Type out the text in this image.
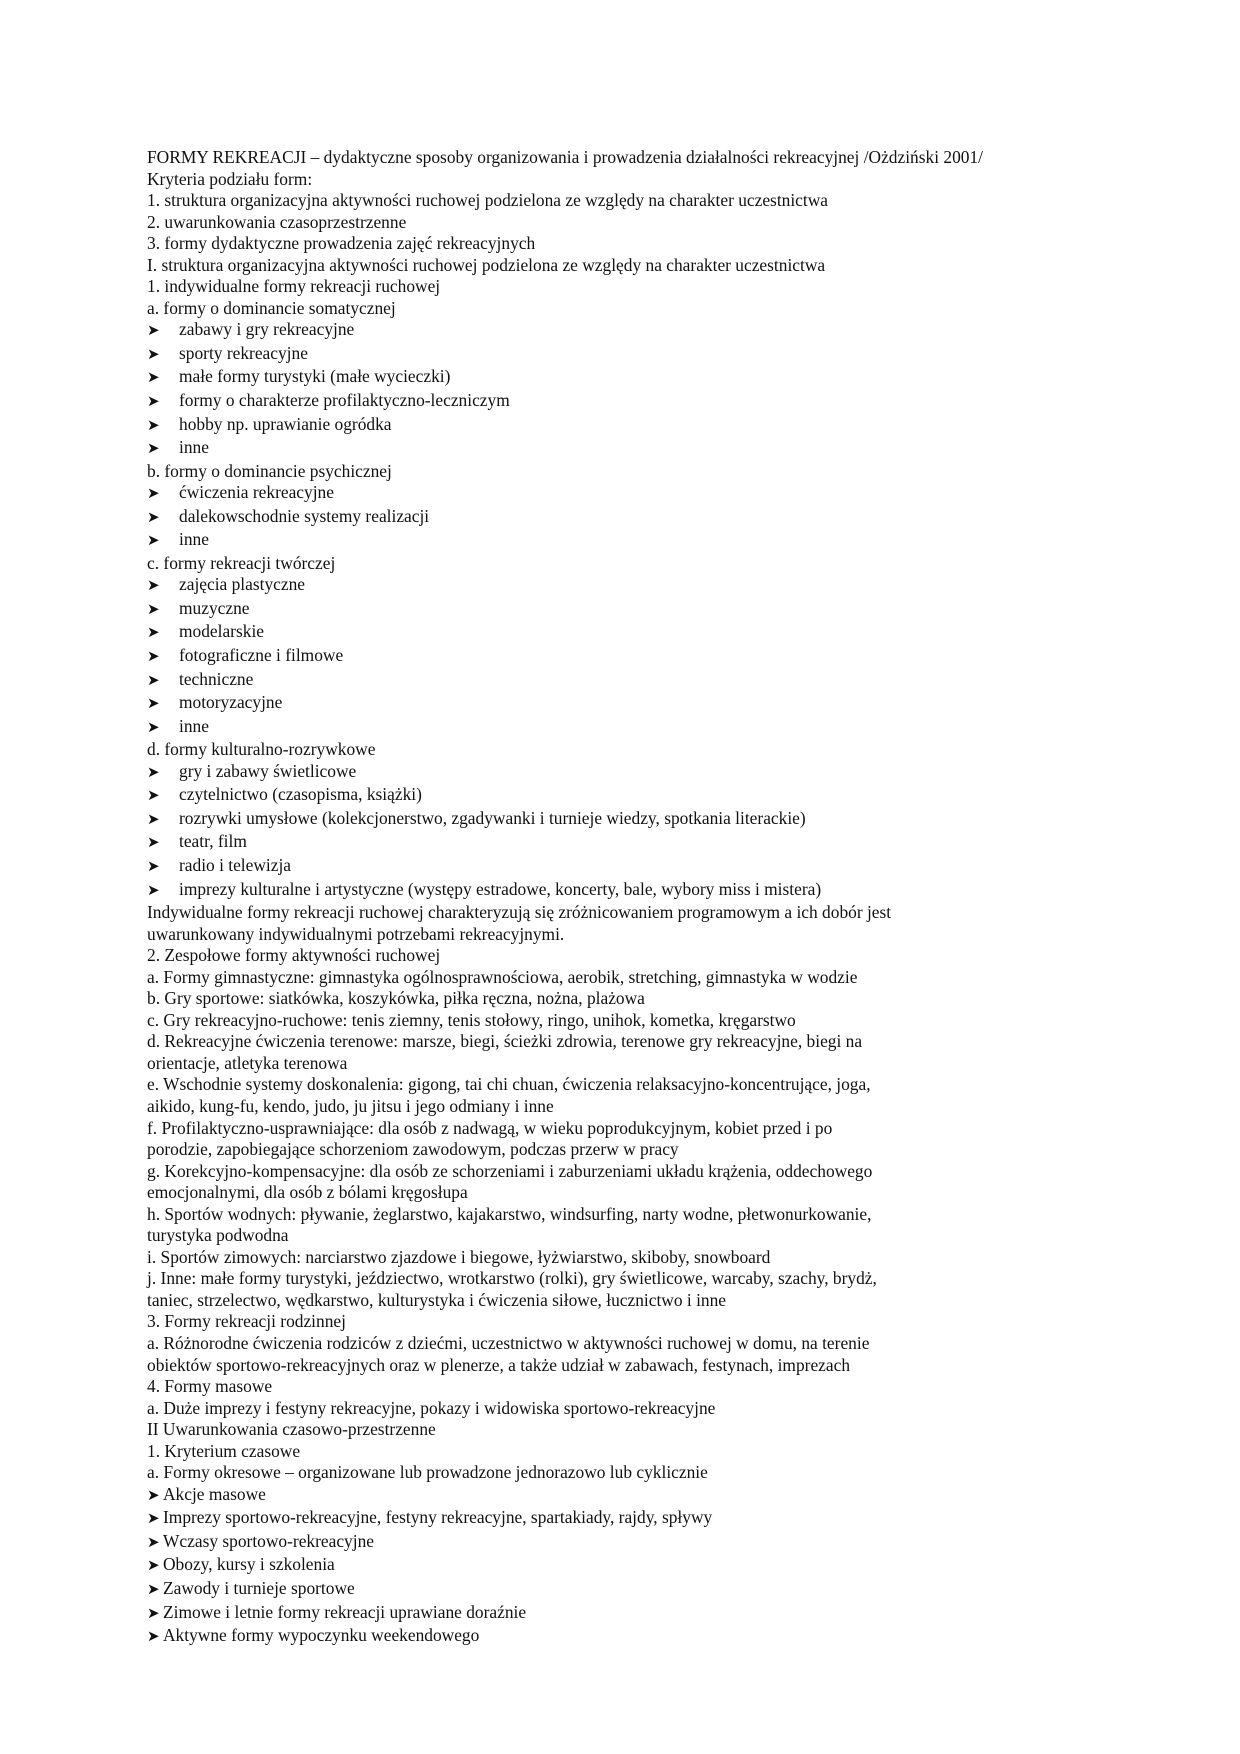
FORMY REKREACJI – dydaktyczne sposoby organizowania i prowadzenia działalności rekreacyjnej /Ożdziński 2001/
Kryteria podziału form:
1. struktura organizacyjna aktywności ruchowej podzielona ze względy na charakter uczestnictwa
2. uwarunkowania czasoprzestrzenne
3. formy dydaktyczne prowadzenia zajęć rekreacyjnych
I. struktura organizacyjna aktywności ruchowej podzielona ze względy na charakter uczestnictwa
1. indywidualne formy rekreacji ruchowej
a. formy o dominancie somatycznej
➤ zabawy i gry rekreacyjne
➤ sporty rekreacyjne
➤ małe formy turystyki (małe wycieczki)
➤ formy o charakterze profilaktyczno-leczniczym
➤ hobby np. uprawianie ogródka
➤ inne
b. formy o dominancie psychicznej
➤ ćwiczenia rekreacyjne
➤ dalekowschodnie systemy realizacji
➤ inne
c. formy rekreacji twórczej
➤ zajęcia plastyczne
➤ muzyczne
➤ modelarskie
➤ fotograficzne i filmowe
➤ techniczne
➤ motoryzacyjne
➤ inne
d. formy kulturalno-rozrywkowe
➤ gry i zabawy świetlicowe
➤ czytelnictwo (czasopisma, książki)
➤ rozrywki umysłowe (kolekcjonerstwo, zgadywanki i turnieje wiedzy, spotkania literackie)
➤ teatr, film
➤ radio i telewizja
➤ imprezy kulturalne i artystyczne (występy estradowe, koncerty, bale, wybory miss i mistera)
Indywidualne formy rekreacji ruchowej charakteryzują się zróżnicowaniem programowym a ich dobór jest
uwarunkowany indywidualnymi potrzebami rekreacyjnymi.
2. Zespołowe formy aktywności ruchowej
a. Formy gimnastyczne: gimnastyka ogólnosprawnościowa, aerobik, stretching, gimnastyka w wodzie
b. Gry sportowe: siatkówka, koszykówka, piłka ręczna, nożna, plażowa
c. Gry rekreacyjno-ruchowe: tenis ziemny, tenis stołowy, ringo, unihok, kometka, kręgarstwo
d. Rekreacyjne ćwiczenia terenowe: marsze, biegi, ścieżki zdrowia, terenowe gry rekreacyjne, biegi na
orientacje, atletyka terenowa
e. Wschodnie systemy doskonalenia: gigong, tai chi chuan, ćwiczenia relaksacyjno-koncentrujące, joga,
aikido, kung-fu, kendo, judo, ju jitsu i jego odmiany i inne
f. Profilaktyczno-usprawniające: dla osób z nadwagą, w wieku poprodukcyjnym, kobiet przed i po
porodzie, zapobiegające schorzeniom zawodowym, podczas przerw w pracy
g. Korekcyjno-kompensacyjne: dla osób ze schorzeniami i zaburzeniami układu krążenia, oddechowego
emocjonalnymi, dla osób z bólami kręgosłupa
h. Sportów wodnych: pływanie, żeglarstwo, kajakarstwo, windsurfing, narty wodne, płetwonurkowanie,
turystyka podwodna
i. Sportów zimowych: narciarstwo zjazdowe i biegowe, łyżwiarstwo, skiboby, snowboard
j. Inne: małe formy turystyki, jeździectwo, wrotkarstwo (rolki), gry świetlicowe, warcaby, szachy, brydż,
taniec, strzelectwo, wędkarstwo, kulturystyka i ćwiczenia siłowe, łucznictwo i inne
3. Formy rekreacji rodzinnej
a. Różnorodne ćwiczenia rodziców z dziećmi, uczestnictwo w aktywności ruchowej w domu, na terenie
obiektów sportowo-rekreacyjnych oraz w plenerze, a także udział w zabawach, festynach, imprezach
4. Formy masowe
a. Duże imprezy i festyny rekreacyjne, pokazy i widowiska sportowo-rekreacyjne
II Uwarunkowania czasowo-przestrzenne
1. Kryterium czasowe
a. Formy okresowe – organizowane lub prowadzone jednorazowo lub cyklicznie
➤ Akcje masowe
➤ Imprezy sportowo-rekreacyjne, festyny rekreacyjne, spartakiady, rajdy, spływy
➤ Wczasy sportowo-rekreacyjne
➤ Obozy, kursy i szkolenia
➤ Zawody i turnieje sportowe
➤ Zimowe i letnie formy rekreacji uprawiane doraźnie
➤ Aktywne formy wypoczynku weekendowego
